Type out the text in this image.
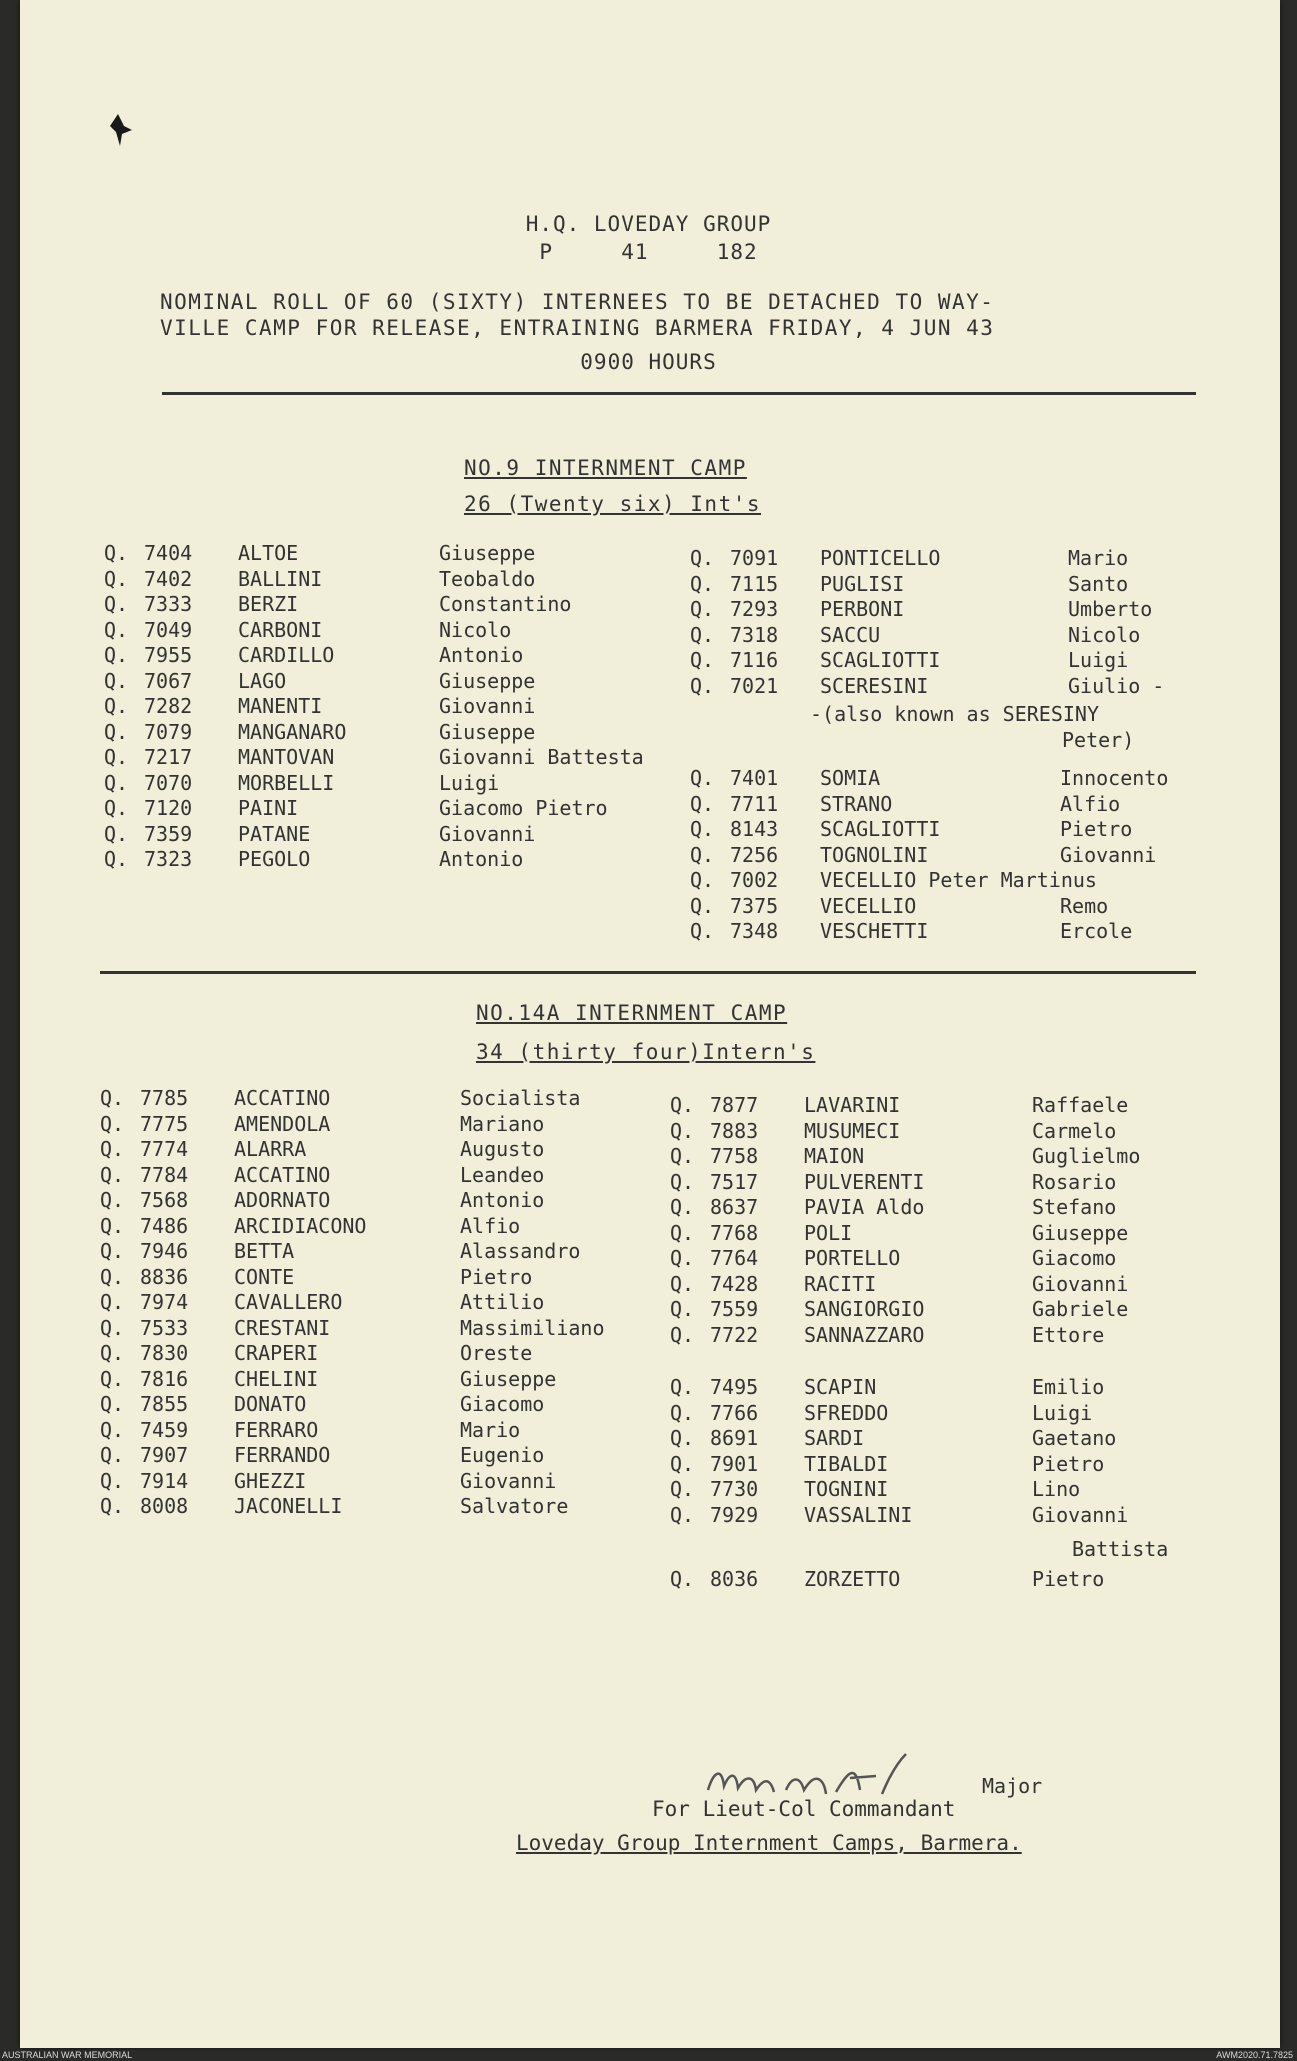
H.Q. LOVEDAY GROUP
P     41     182
NOMINAL ROLL OF 60 (SIXTY) INTERNEES TO BE DETACHED TO WAY-
VILLE CAMP FOR RELEASE, ENTRAINING BARMERA FRIDAY, 4 JUN 43
0900 HOURS
NO.9 INTERNMENT CAMP
26 (Twenty six) Int's
Q. 7404 ALTOE	Giuseppe
Q. 7402 BALLINI	Teobaldo
Q. 7333 BERZI	Constantino
Q. 7049 CARBONI	Nicolo
Q. 7955 CARDILLO	Antonio
Q. 7067 LAGO	Giuseppe
Q. 7282 MANENTI	Giovanni
Q. 7079 MANGANARO	Giuseppe
Q. 7217 MANTOVAN	Giovanni Battesta
Q. 7070 MORBELLI	Luigi
Q. 7120 PAINI	Giacomo Pietro
Q. 7359 PATANE	Giovanni
Q. 7323 PEGOLO	Antonio
Q. 7091 PONTICELLO	Mario
Q. 7115 PUGLISI	Santo
Q. 7293 PERBONI	Umberto
Q. 7318 SACCU	Nicolo
Q. 7116 SCAGLIOTTI	Luigi
Q. 7021 SCERESINI	Giulio -
-(also known as SERESINY
Peter)
Q. 7401 SOMIA	Innocento
Q. 7711 STRANO	Alfio
Q. 8143 SCAGLIOTTI	Pietro
Q. 7256 TOGNOLINI	Giovanni
Q. 7002 VECELLIO Peter Martinus
Q. 7375 VECELLIO	Remo
Q. 7348 VESCHETTI	Ercole
NO.14A INTERNMENT CAMP
34 (thirty four)Intern's
Q. 7785 ACCATINO	Socialista
Q. 7775 AMENDOLA	Mariano
Q. 7774 ALARRA	Augusto
Q. 7784 ACCATINO	Leandeo
Q. 7568 ADORNATO	Antonio
Q. 7486 ARCIDIACONO	Alfio
Q. 7946 BETTA	Alassandro
Q. 8836 CONTE	Pietro
Q. 7974 CAVALLERO	Attilio
Q. 7533 CRESTANI	Massimiliano
Q. 7830 CRAPERI	Oreste
Q. 7816 CHELINI	Giuseppe
Q. 7855 DONATO	Giacomo
Q. 7459 FERRARO	Mario
Q. 7907 FERRANDO	Eugenio
Q. 7914 GHEZZI	Giovanni
Q. 8008 JACONELLI	Salvatore
Q. 7877 LAVARINI	Raffaele
Q. 7883 MUSUMECI	Carmelo
Q. 7758 MAION	Guglielmo
Q. 7517 PULVERENTI	Rosario
Q. 8637 PAVIA Aldo	Stefano
Q. 7768 POLI	Giuseppe
Q. 7764 PORTELLO	Giacomo
Q. 7428 RACITI	Giovanni
Q. 7559 SANGIORGIO	Gabriele
Q. 7722 SANNAZZARO	Ettore
Q. 7495 SCAPIN	Emilio
Q. 7766 SFREDDO	Luigi
Q. 8691 SARDI	Gaetano
Q. 7901 TIBALDI	Pietro
Q. 7730 TOGNINI	Lino
Q. 7929 VASSALINI	Giovanni
Battista
Q. 8036 ZORZETTO	Pietro
Major
For Lieut-Col Commandant
Loveday Group Internment Camps, Barmera.
AUSTRALIAN WAR MEMORIAL	AWM2020.71.7825
